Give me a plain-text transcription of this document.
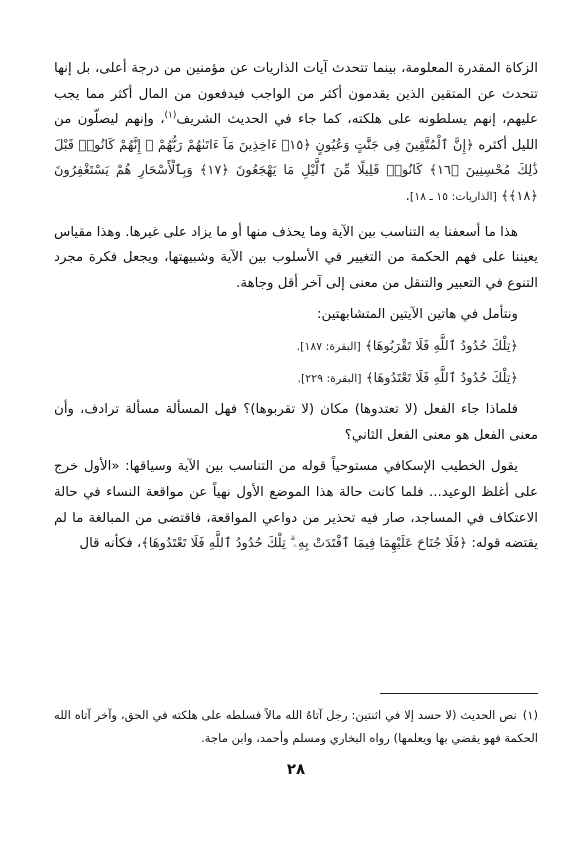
الزكاة المقدرة المعلومة، بينما تتحدث آيات الذاريات عن مؤمنين من درجة أعلى، بل إنها تتحدث عن المتقين الذين يقدمون أكثر من الواجب فيدفعون من المال أكثر مما يجب عليهم، إنهم يسلطونه على هلكته، كما جاء في الحديث الشريف$^{(١)}$، وإنهم ليصلّون من الليل أكثره ﴿إِنَّ ٱلْمُتَّقِينَ فِى جَنَّٰتٍ وَعُيُونٍ ﴿١٥﴾ ءَاخِذِينَ مَآ ءَاتَىٰهُمْ رَبُّهُمْ ۚ إِنَّهُمْ كَانُوا۟ قَبْلَ ذَٰلِكَ مُحْسِنِينَ ﴿١٦﴾ كَانُوا۟ قَلِيلًا مِّنَ ٱلَّيْلِ مَا يَهْجَعُونَ ﴿١٧﴾ وَبِٱلْأَسْحَارِ هُمْ يَسْتَغْفِرُونَ ﴿١٨﴾﴾ [الذاريات: ١٥ ـ ١٨].

هذا ما أسعفنا به التناسب بين الآية وما يحذف منها أو ما يزاد على غيرها. وهذا مقياس يعيننا على فهم الحكمة من التغيير في الأسلوب بين الآية وشبيهتها، ويجعل فكرة مجرد التنوع في التعبير والتنقل من معنى إلى آخر أقل وجاهة.

ونتأمل في هاتين الآيتين المتشابهتين:

﴿تِلْكَ حُدُودُ ٱللَّهِ فَلَا تَقْرَبُوهَا﴾ [البقرة: ١٨٧].

﴿تِلْكَ حُدُودُ ٱللَّهِ فَلَا تَعْتَدُوهَا﴾ [البقرة: ٢٢٩].

فلماذا جاء الفعل (لا تعتدوها) مكان (لا تقربوها)؟ فهل المسألة مسألة ترادف، وأن معنى الفعل هو معنى الفعل الثاني؟

يقول الخطيب الإسكافي مستوحياً قوله من التناسب بين الآية وسياقها: «الأول خرج على أغلظ الوعيد... فلما كانت حالة هذا الموضع الأول نهياً عن مواقعة النساء في حالة الاعتكاف في المساجد، صار فيه تحذير من دواعي المواقعة، فاقتضى من المبالغة ما لم يقتضه قوله: ﴿فَلَا جُنَاحَ عَلَيْهِمَا فِيمَا ٱفْتَدَتْ بِهِۦ ۗ تِلْكَ حُدُودُ ٱللَّهِ فَلَا تَعْتَدُوهَا﴾، فكأنه قال

(١)نص الحديث (لا حسد إلا في اثنتين: رجل آتاهُ الله مالاً فسلطه على هلكته في الحق، وآخر آتاه الله الحكمة فهو يقضي بها ويعلمها) رواه البخاري ومسلم وأحمد، وابن ماجة.

٢٨
